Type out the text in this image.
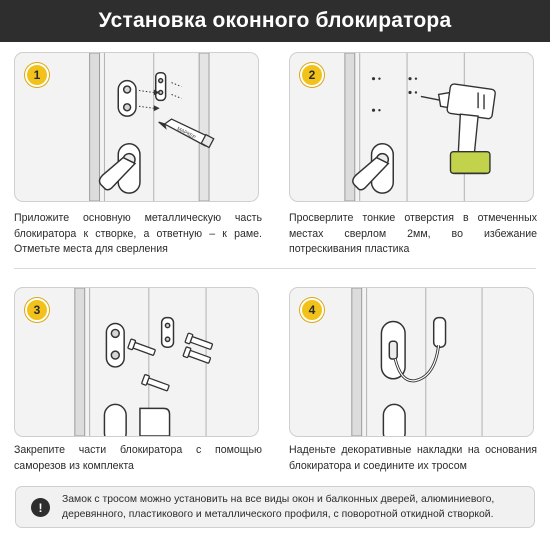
Установка оконного блокиратора
1
МАРКЕР
Приложите основную металлическую часть блокиратора к створке, а ответную – к раме. Отметьте места для сверления
2
Просверлите тонкие отверстия в отмеченных местах сверлом 2мм, во избежание потрескивания пластика
3
Закрепите части блокиратора с помощью саморезов из комплекта
4
Наденьте декоративные накладки на основания блокиратора и соедините их тросом
!
Замок с тросом можно установить на все виды окон и балконных дверей, алюминиевого, деревянного, пластикового и металлического профиля, с поворотной откидной створкой.
